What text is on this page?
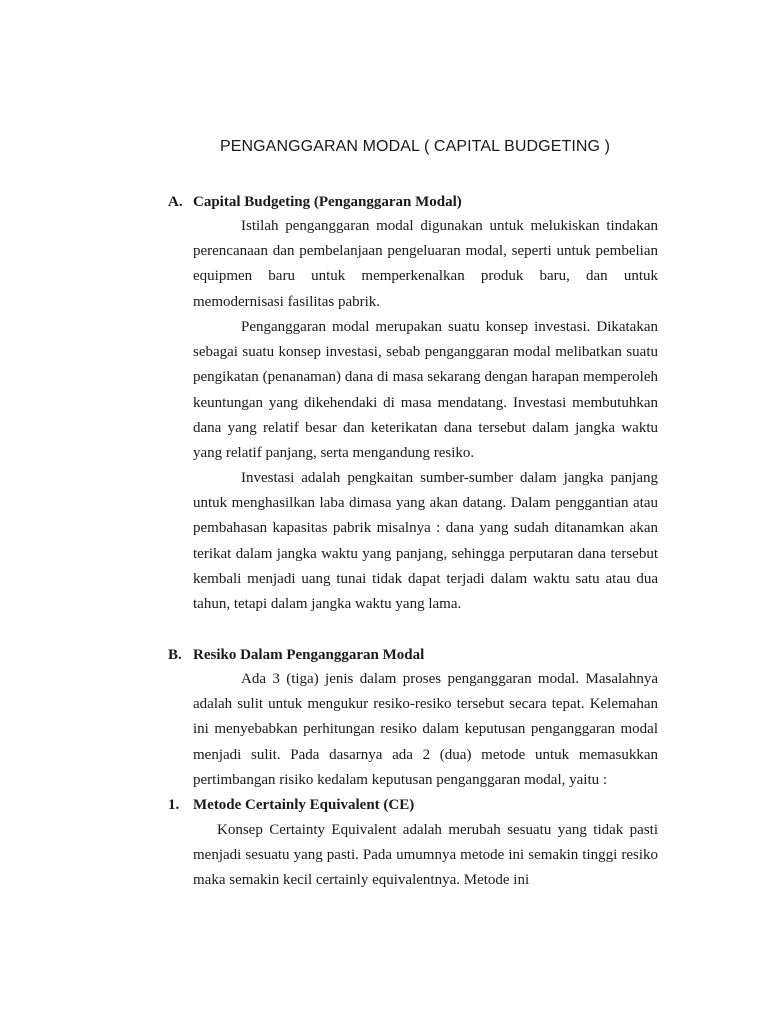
PENGANGGARAN MODAL ( CAPITAL BUDGETING )
A. Capital Budgeting (Penganggaran Modal)

Istilah penganggaran modal digunakan untuk melukiskan tindakan perencanaan dan pembelanjaan pengeluaran modal, seperti untuk pembelian equipmen baru untuk memperkenalkan produk baru, dan untuk memodernisasi fasilitas pabrik.

Penganggaran modal merupakan suatu konsep investasi. Dikatakan sebagai suatu konsep investasi, sebab penganggaran modal melibatkan suatu pengikatan (penanaman) dana di masa sekarang dengan harapan memperoleh keuntungan yang dikehendaki di masa mendatang. Investasi membutuhkan dana yang relatif besar dan keterikatan dana tersebut dalam jangka waktu yang relatif panjang, serta mengandung resiko.

Investasi adalah pengkaitan sumber-sumber dalam jangka panjang untuk menghasilkan laba dimasa yang akan datang. Dalam penggantian atau pembahasan kapasitas pabrik misalnya : dana yang sudah ditanamkan akan terikat dalam jangka waktu yang panjang, sehingga perputaran dana tersebut kembali menjadi uang tunai tidak dapat terjadi dalam waktu satu atau dua tahun, tetapi dalam jangka waktu yang lama.

B. Resiko Dalam Penganggaran Modal

Ada 3 (tiga) jenis dalam proses penganggaran modal. Masalahnya adalah sulit untuk mengukur resiko-resiko tersebut secara tepat. Kelemahan ini menyebabkan perhitungan resiko dalam keputusan penganggaran modal menjadi sulit. Pada dasarnya ada 2 (dua) metode untuk memasukkan pertimbangan risiko kedalam keputusan penganggaran modal, yaitu :

1. Metode Certainly Equivalent (CE)

Konsep Certainty Equivalent adalah merubah sesuatu yang tidak pasti menjadi sesuatu yang pasti. Pada umumnya metode ini semakin tinggi resiko maka semakin kecil certainly equivalentnya. Metode ini
